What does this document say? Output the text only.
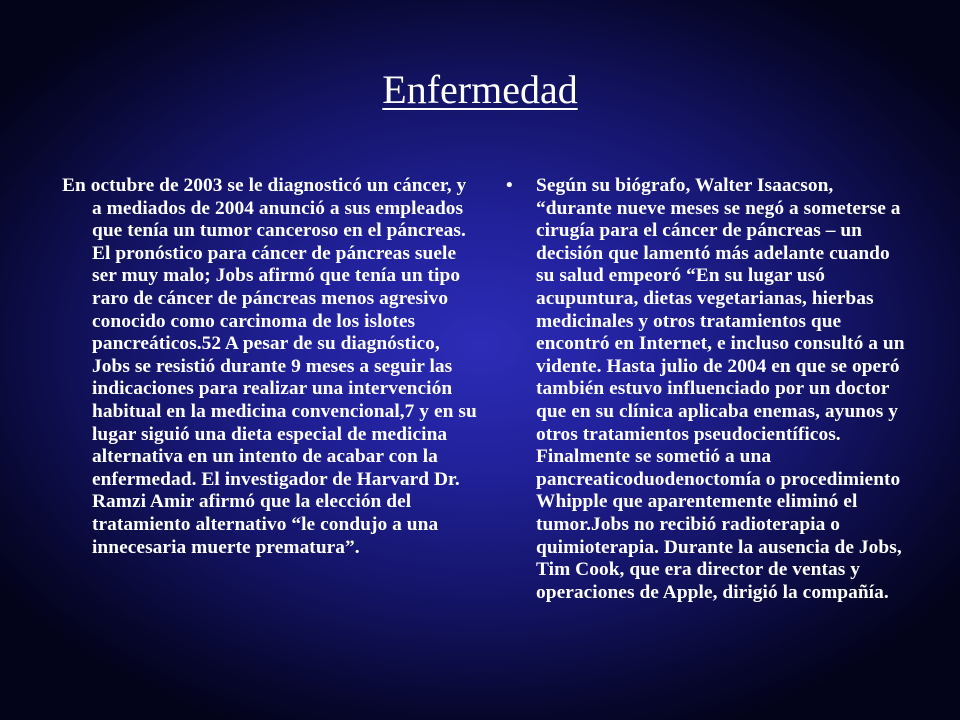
Enfermedad

En octubre de 2003 se le diagnosticó un cáncer, y a mediados de 2004 anunció a sus empleados que tenía un tumor canceroso en el páncreas. El pronóstico para cáncer de páncreas suele ser muy malo; Jobs afirmó que tenía un tipo raro de cáncer de páncreas menos agresivo conocido como carcinoma de los islotes pancreáticos.52 A pesar de su diagnóstico, Jobs se resistió durante 9 meses a seguir las indicaciones para realizar una intervención habitual en la medicina convencional,7 y en su lugar siguió una dieta especial de medicina alternativa en un intento de acabar con la enfermedad. El investigador de Harvard Dr. Ramzi Amir afirmó que la elección del tratamiento alternativo “le condujo a una innecesaria muerte prematura”.

•	Según su biógrafo, Walter Isaacson, “durante nueve meses se negó a someterse a cirugía para el cáncer de páncreas – un decisión que lamentó más adelante cuando su salud empeoró “En su lugar usó acupuntura, dietas vegetarianas, hierbas medicinales y otros tratamientos que encontró en Internet, e incluso consultó a un vidente. Hasta julio de 2004 en que se operó también estuvo influenciado por un doctor que en su clínica aplicaba enemas, ayunos y otros tratamientos pseudocientíficos. Finalmente se sometió a una pancreaticoduodenoctomía o procedimiento Whipple que aparentemente eliminó el tumor.Jobs no recibió radioterapia o quimioterapia. Durante la ausencia de Jobs, Tim Cook, que era director de ventas y operaciones de Apple, dirigió la compañía.
